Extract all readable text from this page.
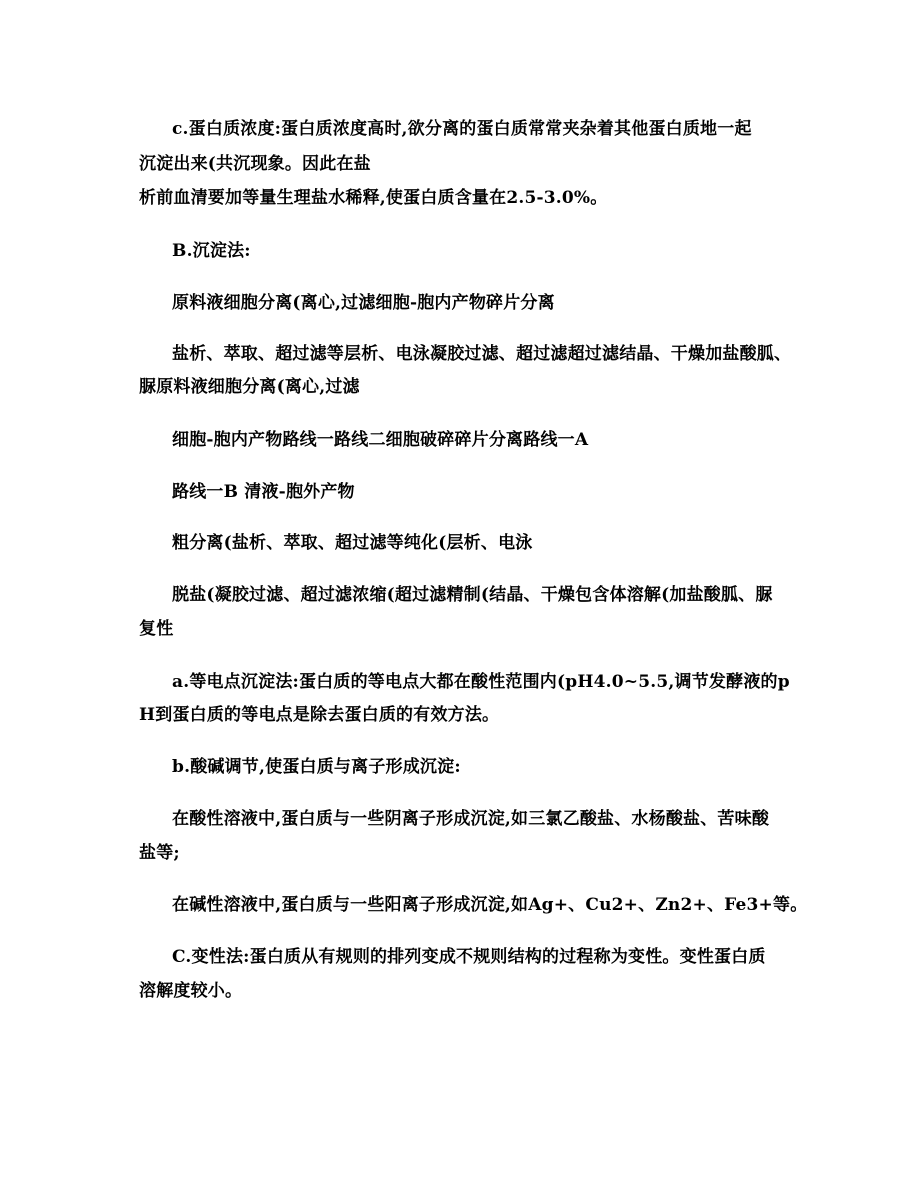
c.蛋白质浓度:蛋白质浓度高时,欲分离的蛋白质常常夹杂着其他蛋白质地一起
沉淀出来(共沉现象。因此在盐
析前血清要加等量生理盐水稀释,使蛋白质含量在2.5-3.0%。
B.沉淀法:
原料液细胞分离(离心,过滤细胞-胞内产物碎片分离
盐析、萃取、超过滤等层析、电泳凝胶过滤、超过滤超过滤结晶、干燥加盐酸胍、
脲原料液细胞分离(离心,过滤
细胞-胞内产物路线一路线二细胞破碎碎片分离路线一A
路线一B 清液-胞外产物
粗分离(盐析、萃取、超过滤等纯化(层析、电泳
脱盐(凝胶过滤、超过滤浓缩(超过滤精制(结晶、干燥包含体溶解(加盐酸胍、脲
复性
a.等电点沉淀法:蛋白质的等电点大都在酸性范围内(pH4.0~5.5,调节发酵液的p
H到蛋白质的等电点是除去蛋白质的有效方法。
b.酸碱调节,使蛋白质与离子形成沉淀:
在酸性溶液中,蛋白质与一些阴离子形成沉淀,如三氯乙酸盐、水杨酸盐、苦味酸
盐等;
在碱性溶液中,蛋白质与一些阳离子形成沉淀,如Ag+、Cu2+、Zn2+、Fe3+等。
C.变性法:蛋白质从有规则的排列变成不规则结构的过程称为变性。变性蛋白质
溶解度较小。
